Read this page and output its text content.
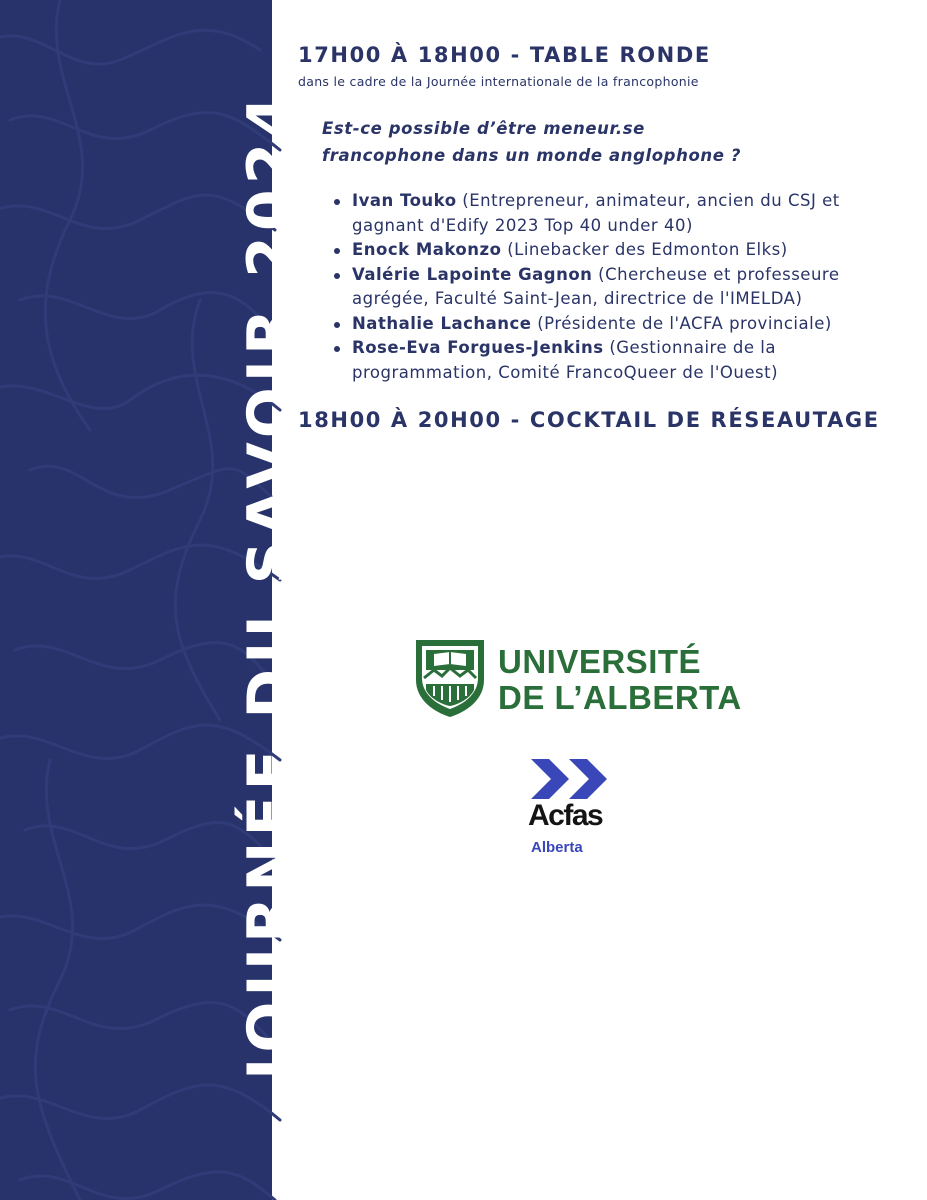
JOURNÉE DU SAVOIR 2024
17H00 À 18H00 - TABLE RONDE
dans le cadre de la Journée internationale de la francophonie
Est-ce possible d’être meneur.se
francophone dans un monde anglophone ?
Ivan Touko (Entrepreneur, animateur, ancien du CSJ et gagnant d'Edify 2023 Top 40 under 40)
Enock Makonzo (Linebacker des Edmonton Elks)
Valérie Lapointe Gagnon (Chercheuse et professeure agrégée, Faculté Saint-Jean, directrice de l'IMELDA)
Nathalie Lachance (Présidente de l'ACFA provinciale)
Rose-Eva Forgues-Jenkins (Gestionnaire de la programmation, Comité FrancoQueer de l'Ouest)
18H00 À 20H00 - COCKTAIL DE RÉSEAUTAGE
UNIVERSITÉ
DE L’ALBERTA
Acfas
Alberta
